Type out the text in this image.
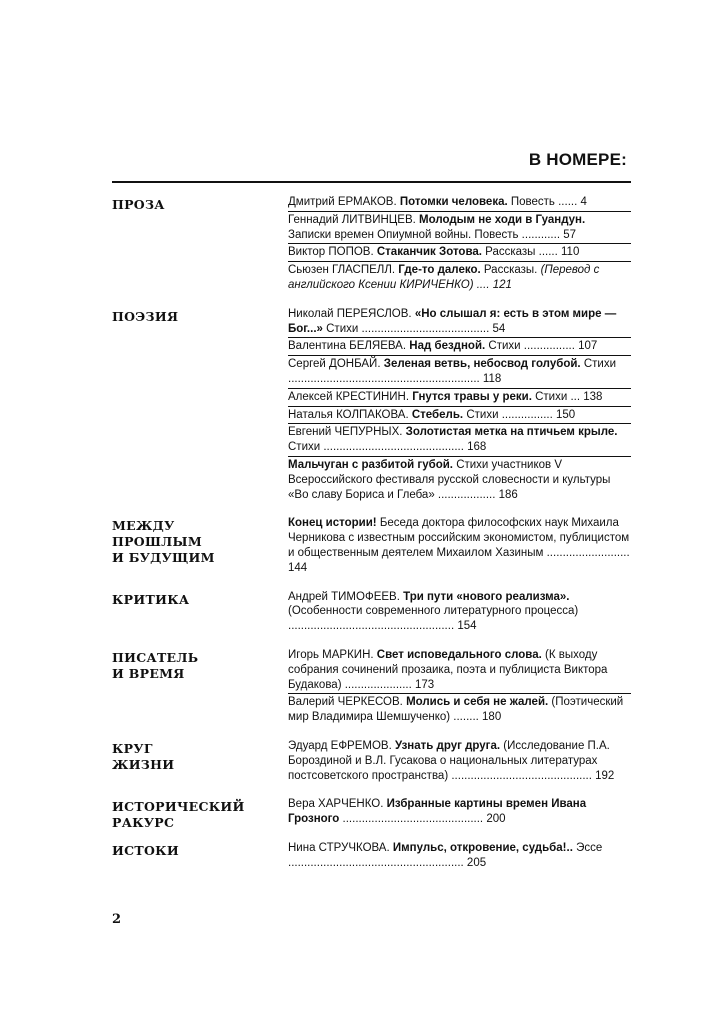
В НОМЕРЕ:
ПРОЗА	Дмитрий ЕРМАКОВ. Потомки человека. Повесть ...... 4
Геннадий ЛИТВИНЦЕВ. Молодым не ходи в Гуандун. Записки времен Опиумной войны. Повесть ............ 57
Виктор ПОПОВ. Стаканчик Зотова. Рассказы ...... 110
Сьюзен ГЛАСПЕЛЛ. Где-то далеко. Рассказы. (Перевод с английского Ксении КИРИЧЕНКО) .... 121
ПОЭЗИЯ	Николай ПЕРЕЯСЛОВ. «Но слышал я: есть в этом мире — Бог...» Стихи ........................................ 54
Валентина БЕЛЯЕВА. Над бездной. Стихи ................ 107
Сергей ДОНБАЙ. Зеленая ветвь, небосвод голубой. Стихи ............................................................ 118
Алексей КРЕСТИНИН. Гнутся травы у реки. Стихи ... 138
Наталья КОЛПАКОВА. Стебель. Стихи ................ 150
Евгений ЧЕПУРНЫХ. Золотистая метка на птичьем крыле. Стихи ............................................ 168
Мальчуган с разбитой губой. Стихи участников V Всероссийского фестиваля русской словесности и культуры «Во славу Бориса и Глеба» .................. 186
МЕЖДУ
ПРОШЛЫМ
И БУДУЩИМ
Конец истории! Беседа доктора философских наук Михаила Черникова с известным российским экономистом, публицистом и общественным деятелем Михаилом Хазиным .......................... 144
КРИТИКА	Андрей ТИМОФЕЕВ. Три пути «нового реализма». (Особенности современного литературного процесса) .................................................... 154
ПИСАТЕЛЬ
И ВРЕМЯ
Игорь МАРКИН. Свет исповедального слова. (К выходу собрания сочинений прозаика, поэта и публициста Виктора Будакова) ..................... 173
Валерий ЧЕРКЕСОВ. Молись и себя не жалей. (Поэтический мир Владимира Шемшученко) ........ 180
КРУГ
ЖИЗНИ
Эдуард ЕФРЕМОВ. Узнать друг друга. (Исследование П.А. Бороздиной и В.Л. Гусакова о национальных литературах постсоветского пространства) ............................................ 192
ИСТОРИЧЕСКИЙ
РАКУРС
Вера ХАРЧЕНКО. Избранные картины времен Ивана Грозного ............................................ 200
ИСТОКИ	Нина СТРУЧКОВА. Импульс, откровение, судьба!.. Эссе ....................................................... 205
2
